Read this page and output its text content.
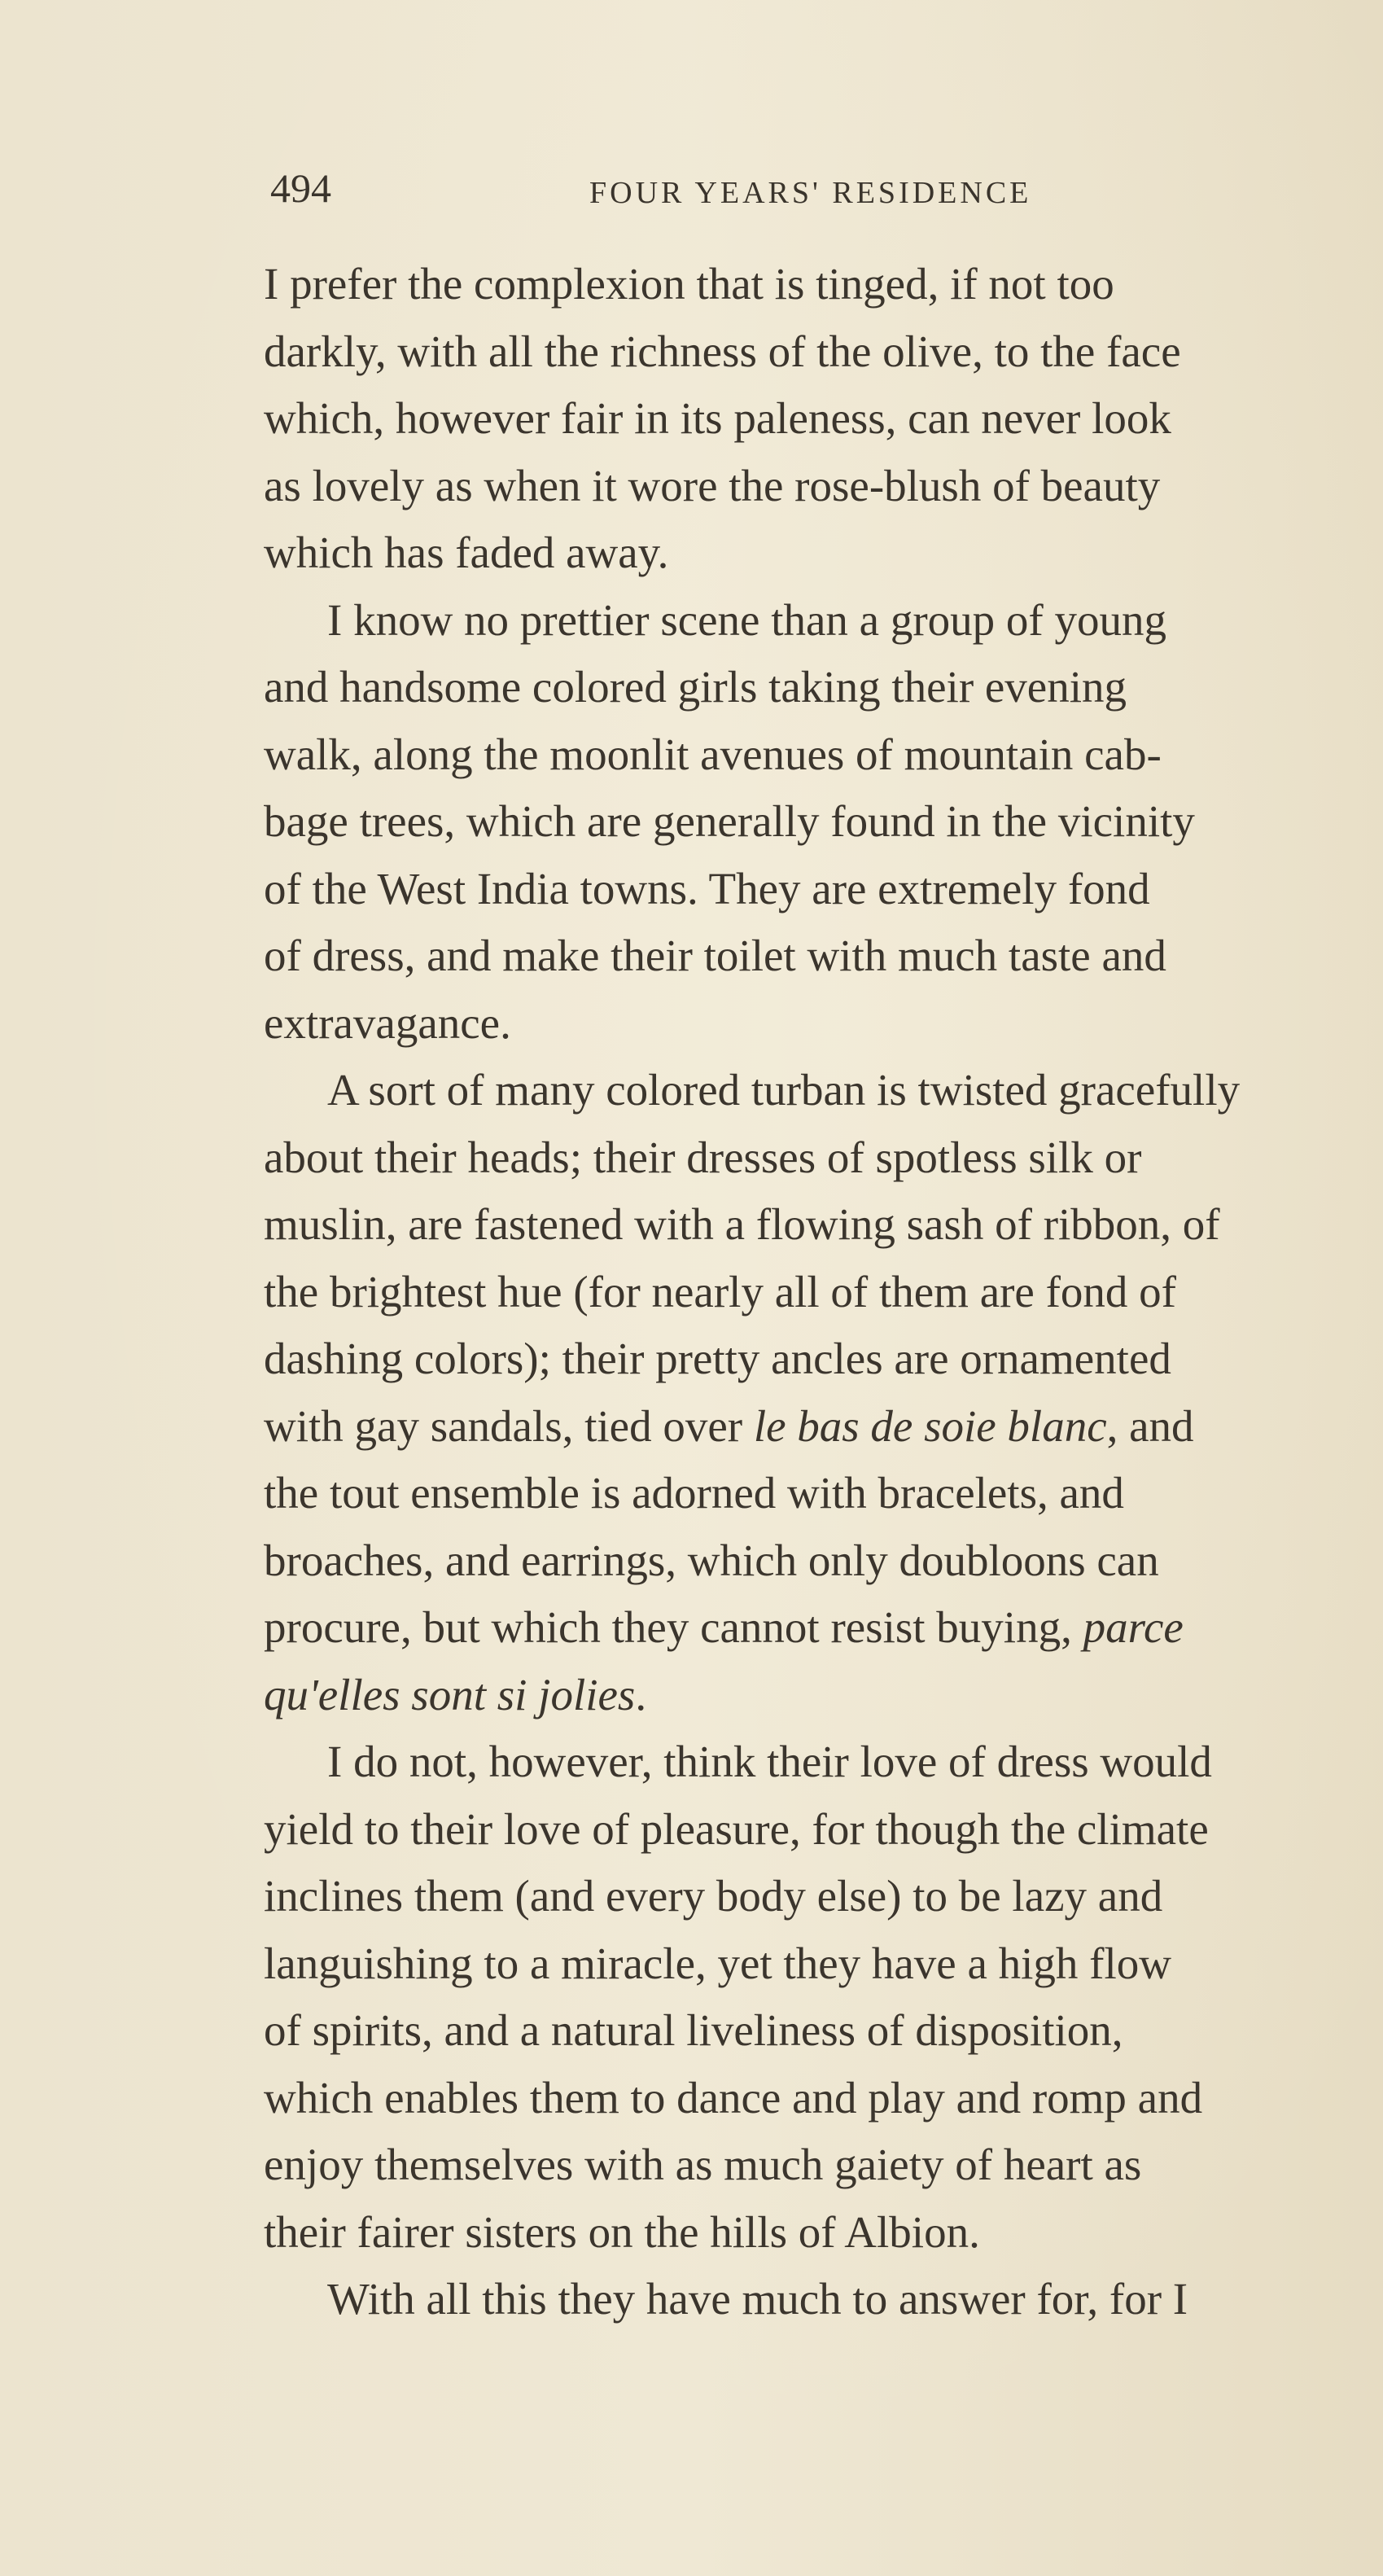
494	FOUR YEARS' RESIDENCE
I prefer the complexion that is tinged, if not too
darkly, with all the richness of the olive, to the face
which, however fair in its paleness, can never look
as lovely as when it wore the rose-blush of beauty
which has faded away.
I know no prettier scene than a group of young
and handsome colored girls taking their evening
walk, along the moonlit avenues of mountain cab-
bage trees, which are generally found in the vicinity
of the West India towns. They are extremely fond
of dress, and make their toilet with much taste and
extravagance.
A sort of many colored turban is twisted gracefully
about their heads; their dresses of spotless silk or
muslin, are fastened with a flowing sash of ribbon, of
the brightest hue (for nearly all of them are fond of
dashing colors); their pretty ancles are ornamented
with gay sandals, tied over le bas de soie blanc, and
the tout ensemble is adorned with bracelets, and
broaches, and earrings, which only doubloons can
procure, but which they cannot resist buying, parce
qu'elles sont si jolies.
I do not, however, think their love of dress would
yield to their love of pleasure, for though the climate
inclines them (and every body else) to be lazy and
languishing to a miracle, yet they have a high flow
of spirits, and a natural liveliness of disposition,
which enables them to dance and play and romp and
enjoy themselves with as much gaiety of heart as
their fairer sisters on the hills of Albion.
With all this they have much to answer for, for I
